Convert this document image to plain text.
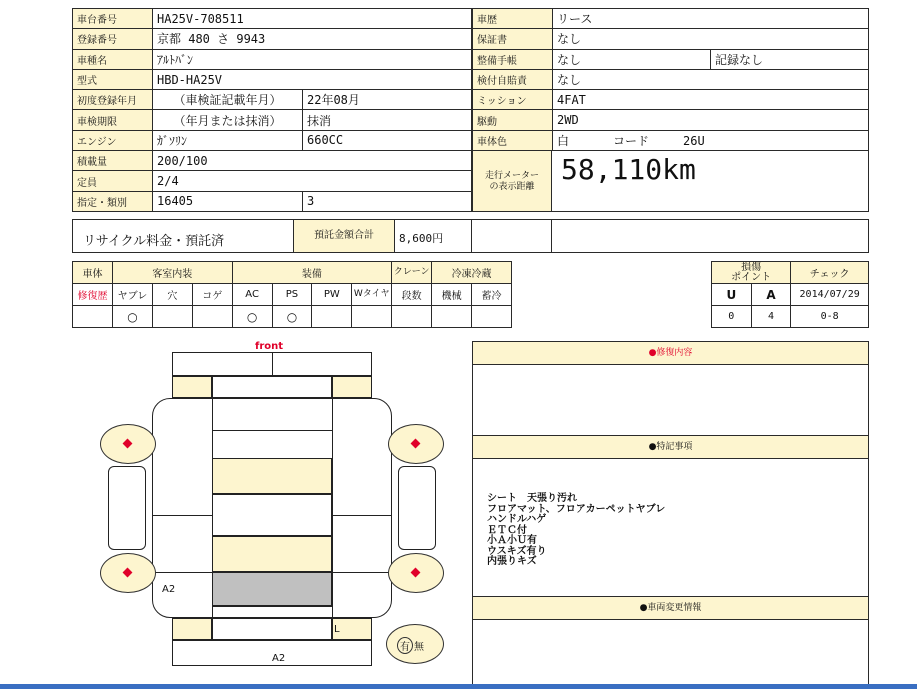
車台番号	HA25V-708511	
登録番号	京都 480 さ 9943	
車種名	ｱﾙﾄﾊﾞﾝ	
型式	HBD-HA25V	
初度登録年月	（車検証記載年月）	22年08月
車検期限	（年月または抹消）	抹消
エンジン	ｶﾞｿﾘﾝ	660CC
積載量	200/100	
定員	2/4	
指定・類別	16405	3
車歴	リース	
保証書	なし	
整備手帳	なし	記録なし
検付自賠責	なし	
ミッション	4FAT	
駆動	2WD	
車体色	白 コード 26U	
走行メーター
の表示距離
58,110km
リサイクル料金・預託済	預託金額合計	8,600円
車体	客室内装			装備				クレーン	冷凍冷蔵	
修復歴	ヤブレ	穴	コゲ	AC	PS	PW	Wタイヤ	段数	機械	蓄冷
	○			○	○					
損傷
ポイント		チェック
U	A	2014/07/29
0	4	0-8
front
L
A2
A2
有 無
●修復内容
●特記事項
シート　天張り汚れ
フロアマット、フロアカーペットヤブレ
ハンドルハゲ
ＥＴＣ付
小Ａ小Ｕ有
ウスキズ有り
内張りキズ
●車両変更情報
